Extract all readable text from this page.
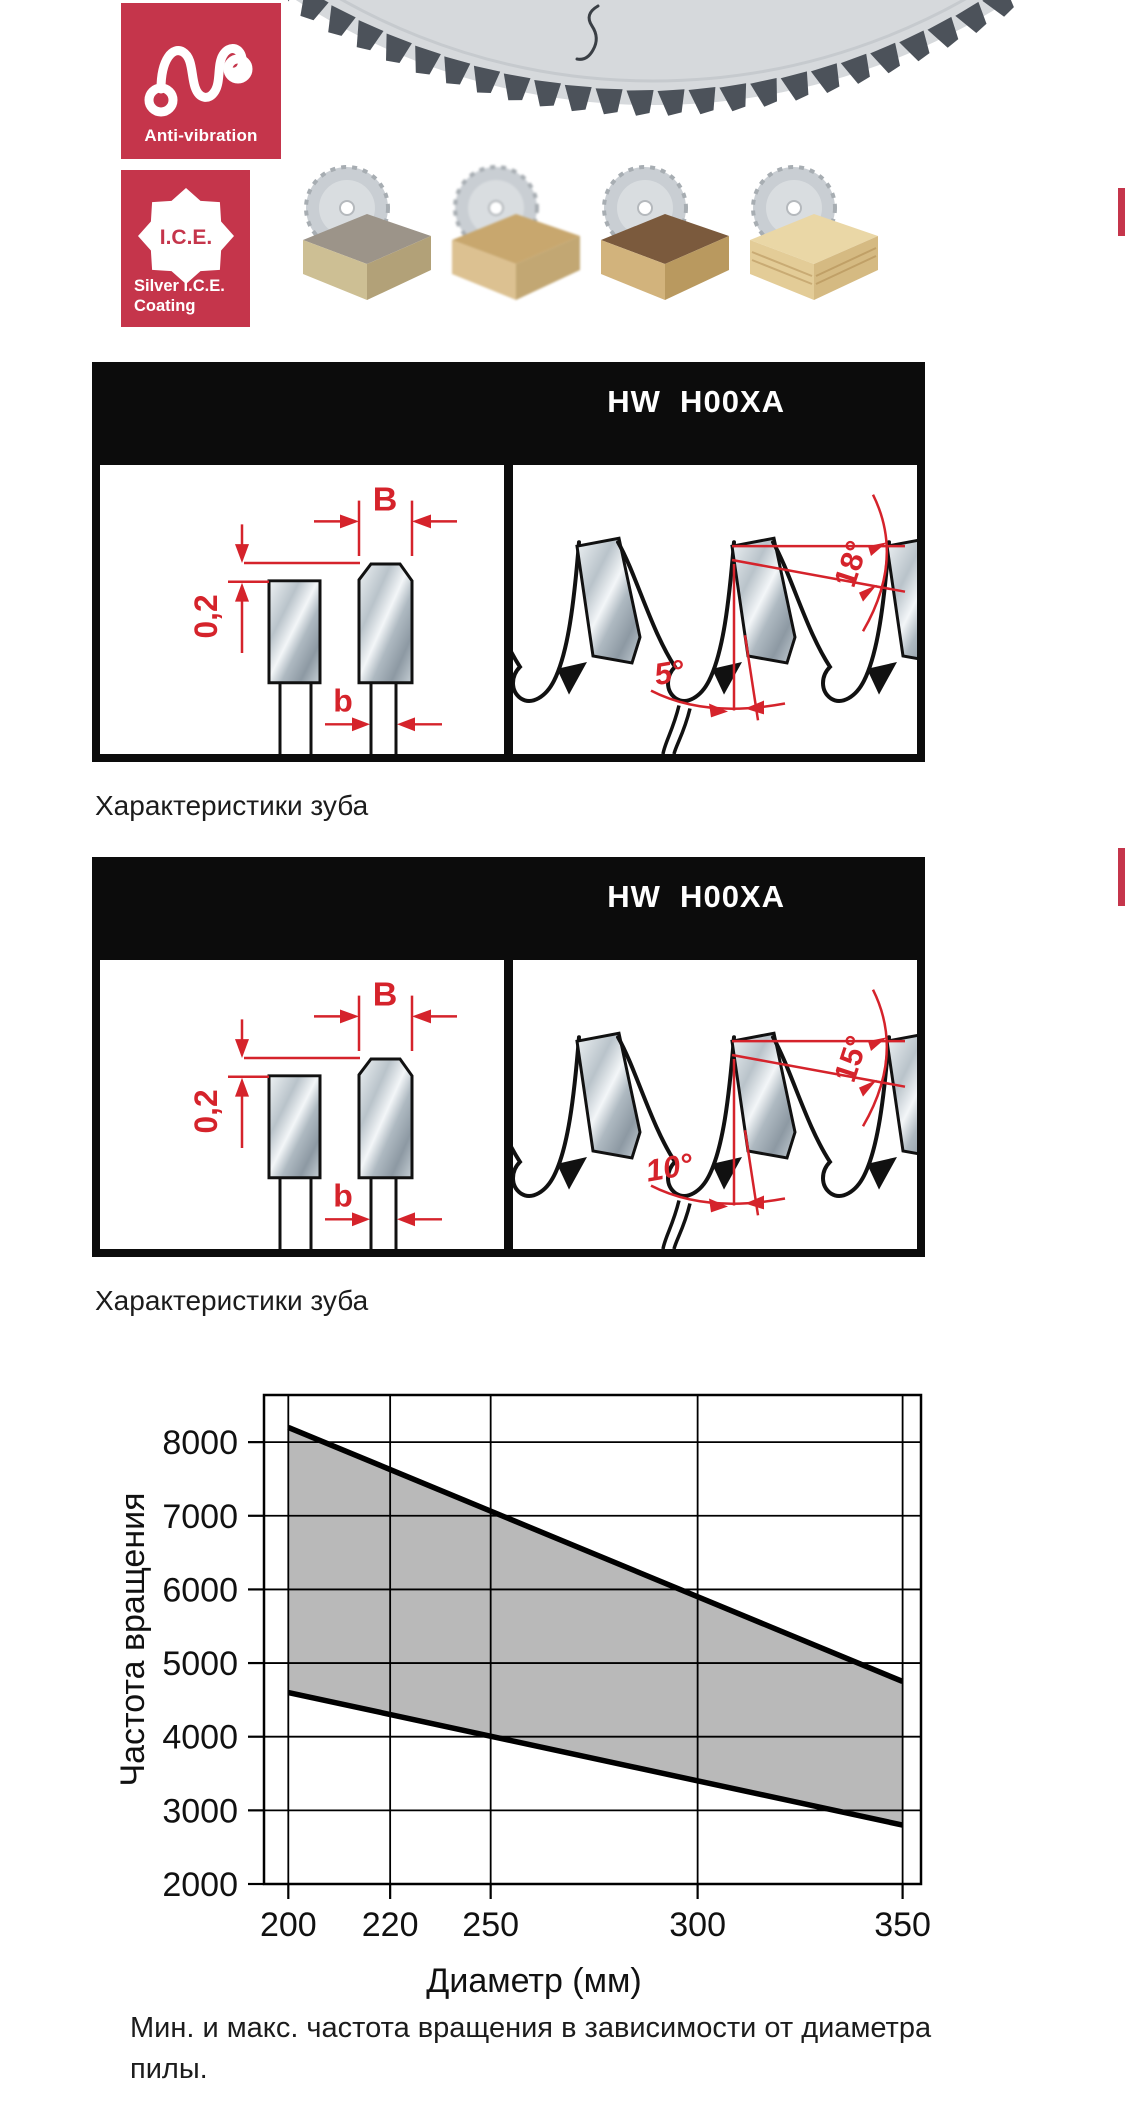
Anti-vibration
I.C.E.
Silver I.C.E.
Coating
HW  H00XA
B
0,2
b
18°
5°
Характеристики зуба
HW  H00XA
B
0,2
b
15°
10°
Характеристики зуба
2000
3000
4000
5000
6000
7000
8000
200 220 250	300	350
Частота вращения
Диаметр (мм)
Мин. и макс. частота вращения в зависимости от диаметра пилы.
